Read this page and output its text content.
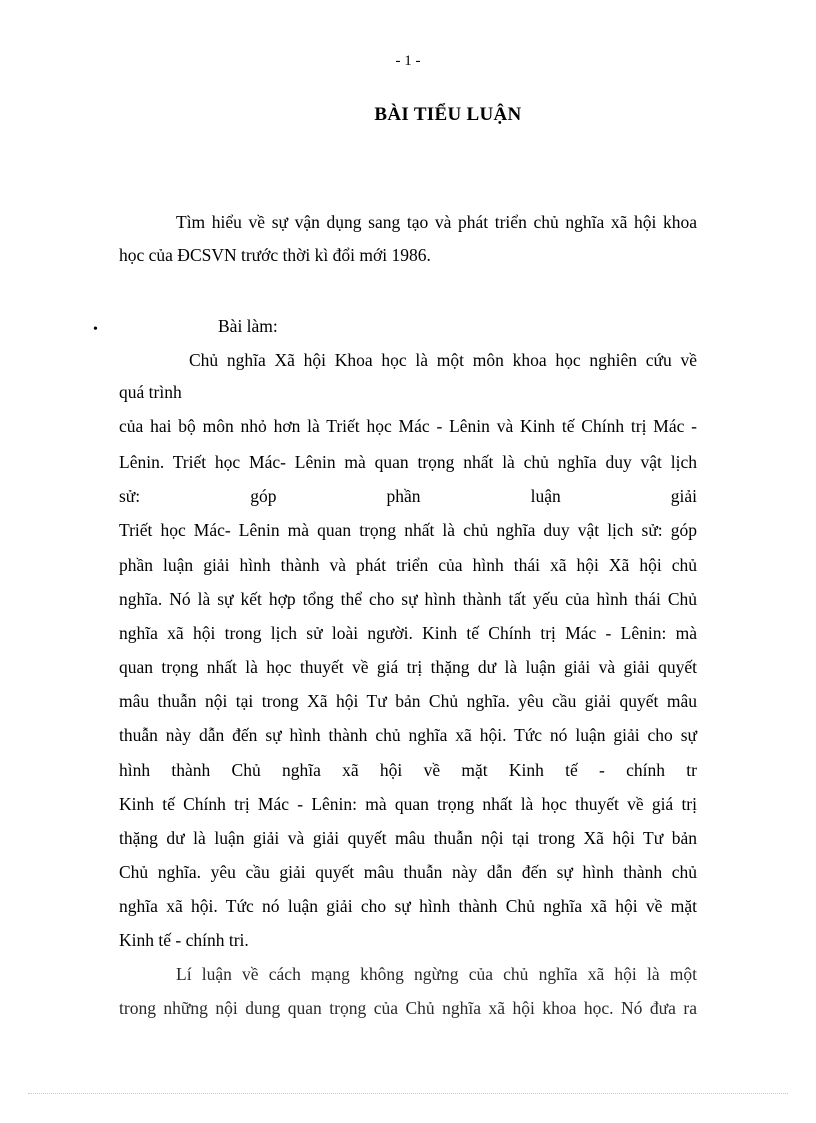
- 1 -
BÀI TIỂU LUẬN
Tìm hiểu về sự vận dụng sang tạo và phát triển chủ nghĩa xã hội khoa
học của ĐCSVN trước thời kì đổi mới 1986.
•	Bài làm:
Chủ nghĩa Xã hội Khoa học là một môn khoa học nghiên cứu về
quá trình
của hai bộ môn nhỏ hơn là Triết học Mác - Lênin và Kinh tế Chính trị Mác -
Lênin. Triết học Mác- Lênin mà quan trọng nhất là chủ nghĩa duy vật lịch
sử: góp phần luận giải
Triết học Mác- Lênin mà quan trọng nhất là chủ nghĩa duy vật lịch sử: góp
phần luận giải hình thành và phát triển của hình thái xã hội Xã hội chủ
nghĩa. Nó là sự kết hợp tổng thể cho sự hình thành tất yếu của hình thái Chủ
nghĩa xã hội trong lịch sử loài người. Kinh tế Chính trị Mác - Lênin: mà
quan trọng nhất là học thuyết về giá trị thặng dư là luận giải và giải quyết
mâu thuẫn nội tại trong Xã hội Tư bản Chủ nghĩa. yêu cầu giải quyết mâu
thuẫn này dẫn đến sự hình thành chủ nghĩa xã hội. Tức nó luận giải cho sự
hình thành Chủ nghĩa xã hội về mặt Kinh tế - chính tr
Kinh tế Chính trị Mác - Lênin: mà quan trọng nhất là học thuyết về giá trị
thặng dư là luận giải và giải quyết mâu thuẫn nội tại trong Xã hội Tư bản
Chủ nghĩa. yêu cầu giải quyết mâu thuẫn này dẫn đến sự hình thành chủ
nghĩa xã hội. Tức nó luận giải cho sự hình thành Chủ nghĩa xã hội về mặt
Kinh tế - chính tri.
Lí luận về cách mạng không ngừng của chủ nghĩa xã hội là một
trong những nội dung quan trọng của Chủ nghĩa xã hội khoa học. Nó đưa ra
